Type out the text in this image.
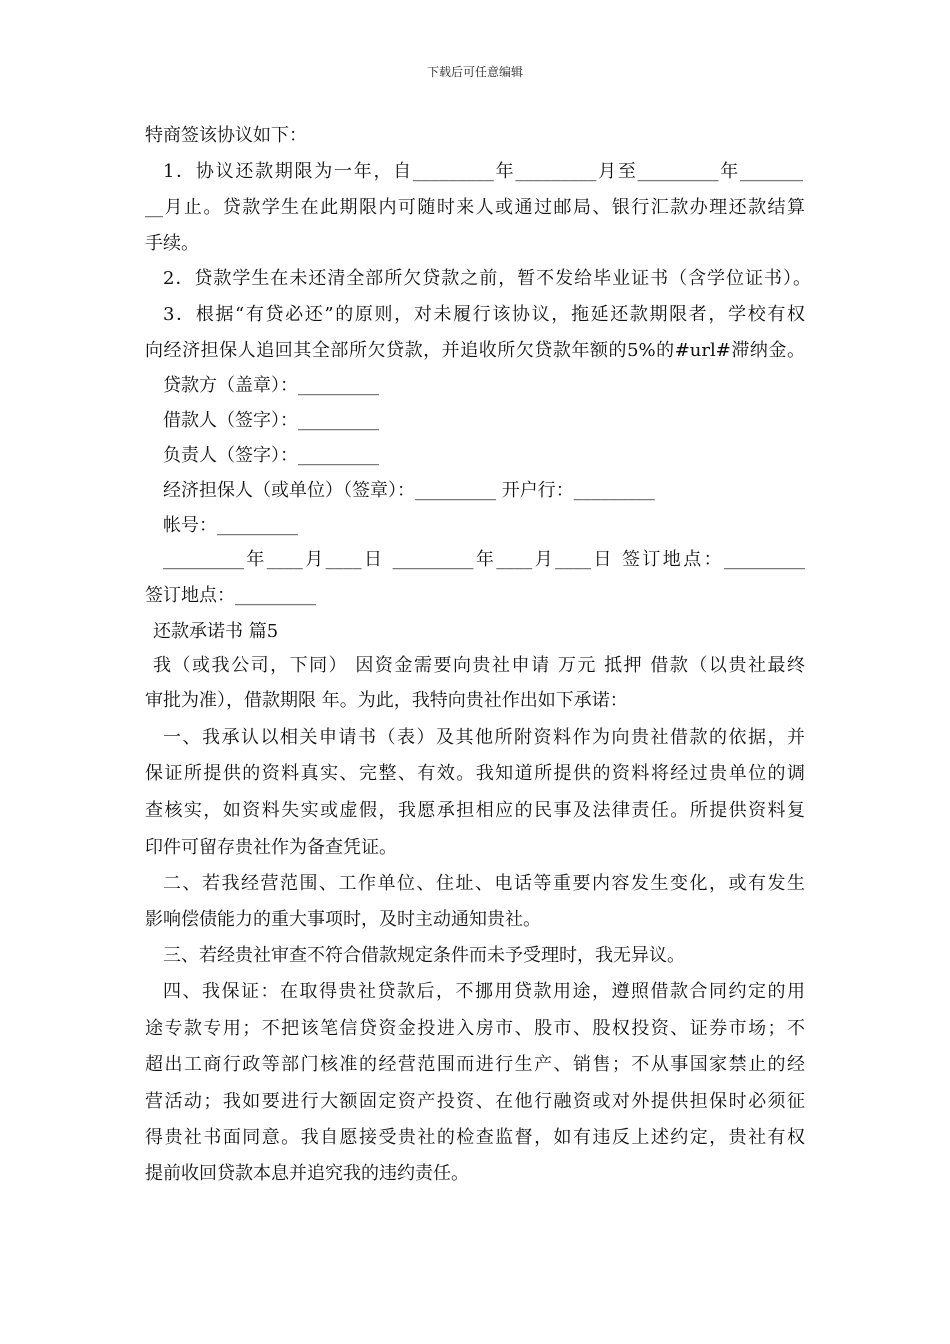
下载后可任意编辑
特商签该协议如下：
1．协议还款期限为一年，自_________年_________月至_________年_______
__月止。贷款学生在此期限内可随时来人或通过邮局、银行汇款办理还款结算
手续。
2．贷款学生在未还清全部所欠贷款之前，暂不发给毕业证书（含学位证书）。
3．根据“有贷必还”的原则，对未履行该协议，拖延还款期限者，学校有权
向经济担保人追回其全部所欠贷款，并追收所欠贷款年额的5%的#url#滞纳金。
贷款方（盖章）：_________
借款人（签字）：_________
负责人（签字）：_________
经济担保人（或单位）（签章）：_________ 开户行：_________
帐号：_________
_________年____月____日 _________年____月____日 签订地点：_________
签订地点：_________
还款承诺书 篇5
我（或我公司，下同） 因资金需要向贵社申请 万元 抵押 借款（以贵社最终
审批为准），借款期限 年。为此，我特向贵社作出如下承诺：
一、我承认以相关申请书（表）及其他所附资料作为向贵社借款的依据，并
保证所提供的资料真实、完整、有效。我知道所提供的资料将经过贵单位的调
查核实，如资料失实或虚假，我愿承担相应的民事及法律责任。所提供资料复
印件可留存贵社作为备查凭证。
二、若我经营范围、工作单位、住址、电话等重要内容发生变化，或有发生
影响偿债能力的重大事项时，及时主动通知贵社。
三、若经贵社审查不符合借款规定条件而未予受理时，我无异议。
四、我保证：在取得贵社贷款后，不挪用贷款用途，遵照借款合同约定的用
途专款专用；不把该笔信贷资金投进入房市、股市、股权投资、证券市场；不
超出工商行政等部门核准的经营范围而进行生产、销售；不从事国家禁止的经
营活动；我如要进行大额固定资产投资、在他行融资或对外提供担保时必须征
得贵社书面同意。我自愿接受贵社的检查监督，如有违反上述约定，贵社有权
提前收回贷款本息并追究我的违约责任。
